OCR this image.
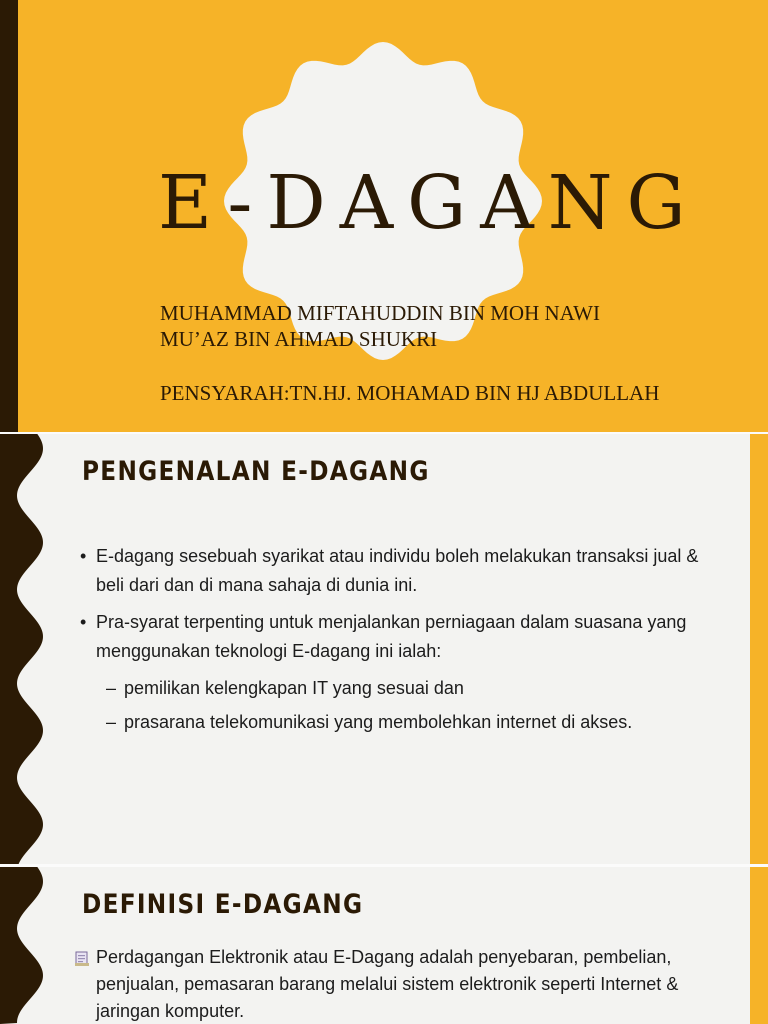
E-DAGANG
MUHAMMAD MIFTAHUDDIN BIN MOH NAWI
MU’AZ BIN AHMAD SHUKRI
PENSYARAH:TN.HJ. MOHAMAD BIN HJ ABDULLAH
PENGENALAN E-DAGANG
• E-dagang sesebuah syarikat atau individu boleh melakukan transaksi jual & beli dari dan di mana sahaja di dunia ini.
• Pra-syarat terpenting untuk menjalankan perniagaan dalam suasana yang menggunakan teknologi E-dagang ini ialah:
– pemilikan kelengkapan IT yang sesuai dan
– prasarana telekomunikasi yang membolehkan internet di akses.
DEFINISI E-DAGANG
Perdagangan Elektronik atau E-Dagang adalah penyebaran, pembelian, penjualan, pemasaran barang melalui sistem elektronik seperti Internet & jaringan komputer.
